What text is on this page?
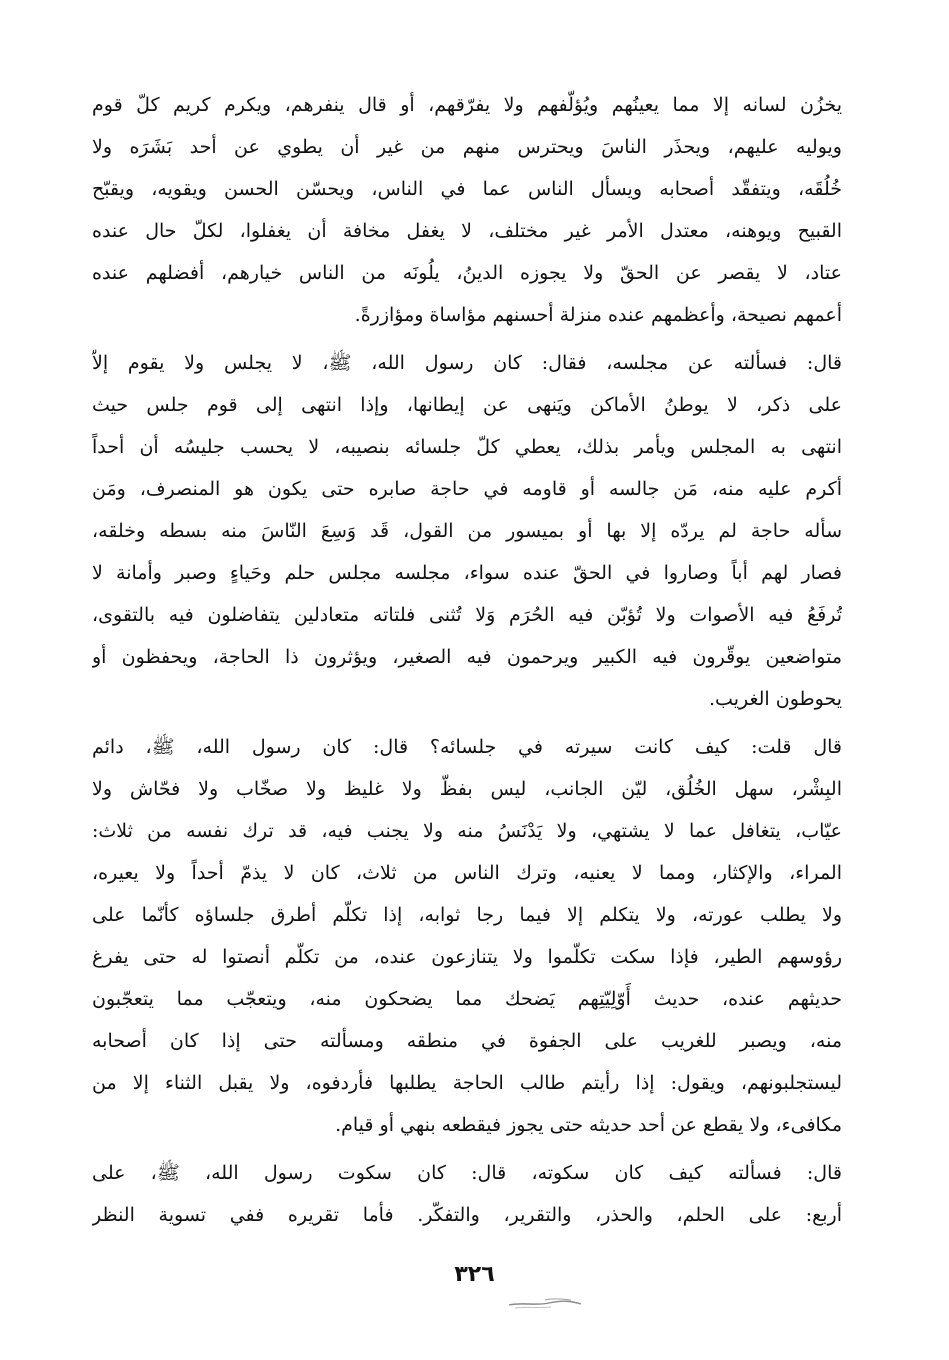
يخزُن لسانه إلا مما يعينُهم ويُؤلّفهم ولا يفرّقهم، أو قال ينفرهم، ويكرم كريم كلّ قوم
ويوليه عليهم، ويحذَر الناسَ ويحترس منهم من غير أن يطوي عن أحد بَشَرَه ولا
خُلُقَه، ويتفقّد أصحابه ويسأل الناس عما في الناس، ويحسّن الحسن ويقويه، ويقبّح
القبيح ويوهنه، معتدل الأمر غير مختلف، لا يغفل مخافة أن يغفلوا، لكلّ حال عنده
عتاد، لا يقصر عن الحقّ ولا يجوزه الدينُ، يلُونَه من الناس خيارهم، أفضلهم عنده
أعمهم نصيحة، وأعظمهم عنده منزلة أحسنهم مؤاساة ومؤازرةً.
قال: فسألته عن مجلسه، فقال: كان رسول الله، ﷺ، لا يجلس ولا يقوم إلاّ
على ذكر، لا يوطنُ الأماكن ويَنهى عن إيطانها، وإذا انتهى إلى قوم جلس حيث
انتهى به المجلس ويأمر بذلك، يعطي كلّ جلسائه بنصيبه، لا يحسب جليسُه أن أحداً
أكرم عليه منه، مَن جالسه أو قاومه في حاجة صابره حتى يكون هو المنصرف، ومَن
سأله حاجة لم يردّه إلا بها أو بميسور من القول، قَد وَسِعَ النّاسَ منه بسطه وخلقه،
فصار لهم أباً وصاروا في الحقّ عنده سواء، مجلسه مجلس حلم وحَياءٍ وصبر وأمانة لا
تُرفَعُ فيه الأصوات ولا تُؤبّن فيه الحُرَم وَلا تُثنى فلتاته متعادلين يتفاضلون فيه بالتقوى،
متواضعين يوقّرون فيه الكبير ويرحمون فيه الصغير، ويؤثرون ذا الحاجة، ويحفظون أو
يحوطون الغريب.
قال قلت: كيف كانت سيرته في جلسائه؟ قال: كان رسول الله، ﷺ، دائم
البِشْر، سهل الخُلُق، ليّن الجانب، ليس بفظّ ولا غليظ ولا صخّاب ولا فحّاش ولا
عيّاب، يتغافل عما لا يشتهي، ولا يَدْنَسُ منه ولا يجنب فيه، قد ترك نفسه من ثلاث:
المراء، والإكثار، ومما لا يعنيه، وترك الناس من ثلاث، كان لا يذمّ أحداً ولا يعيره،
ولا يطلب عورته، ولا يتكلم إلا فيما رجا ثوابه، إذا تكلّم أطرق جلساؤه كأنّما على
رؤوسهم الطير، فإذا سكت تكلّموا ولا يتنازعون عنده، من تكلّم أنصتوا له حتى يفرغ
حديثهم عنده، حديث أَوّلِيّتِهم يَضحك مما يضحكون منه، ويتعجّب مما يتعجّبون
منه، ويصبر للغريب على الجفوة في منطقه ومسألته حتى إذا كان أصحابه
ليستجلبونهم، ويقول: إذا رأيتم طالب الحاجة يطلبها فأردفوه، ولا يقبل الثناء إلا من
مكافىء، ولا يقطع عن أحد حديثه حتى يجوز فيقطعه بنهي أو قيام.
قال: فسألته كيف كان سكوته، قال: كان سكوت رسول الله، ﷺ، على
أربع: على الحلم، والحذر، والتقرير، والتفكّر. فأما تقريره ففي تسوية النظر
٣٢٦
